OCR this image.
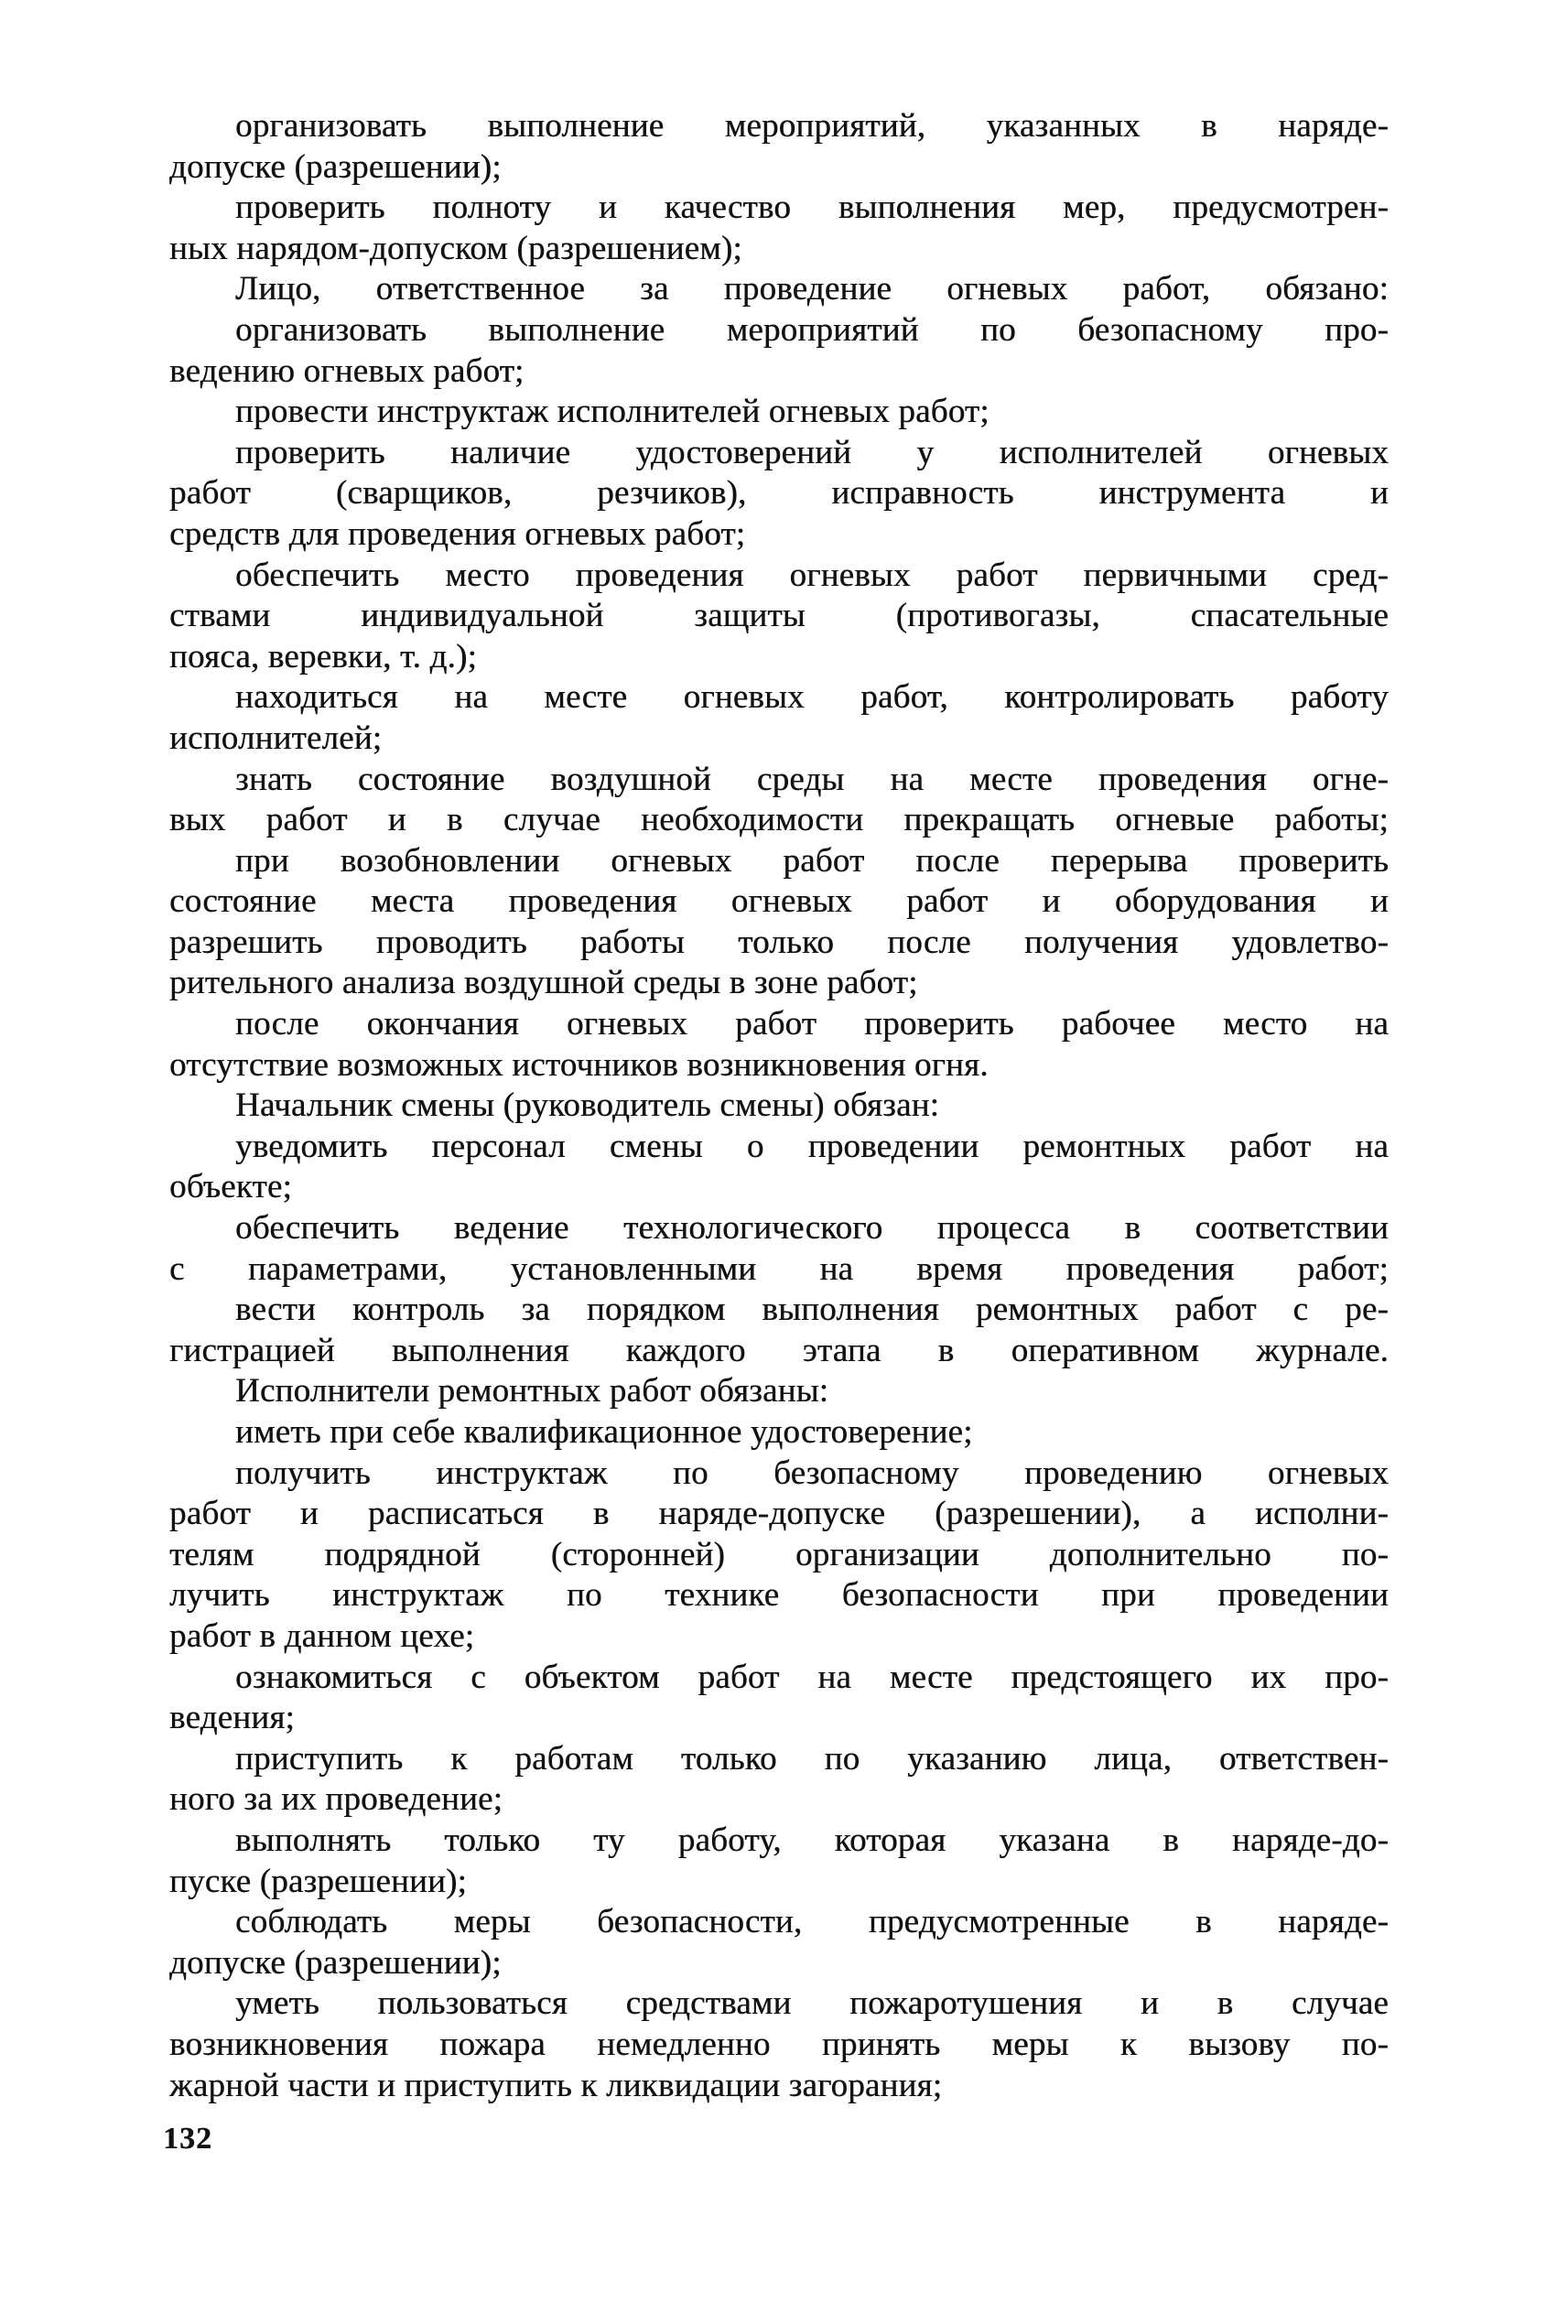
организовать выполнение мероприятий, указанных в наряде-
допуске (разрешении);
проверить полноту и качество выполнения мер, предусмотрен-
ных нарядом-допуском (разрешением);
Лицо, ответственное за проведение огневых работ, обязано:
организовать выполнение мероприятий по безопасному про-
ведению огневых работ;
провести инструктаж исполнителей огневых работ;
проверить наличие удостоверений у исполнителей огневых
работ (сварщиков, резчиков), исправность инструмента и
средств для проведения огневых работ;
обеспечить место проведения огневых работ первичными сред-
ствами индивидуальной защиты (противогазы, спасательные
пояса, веревки, т. д.);
находиться на месте огневых работ, контролировать работу
исполнителей;
знать состояние воздушной среды на месте проведения огне-
вых работ и в случае необходимости прекращать огневые работы;
при возобновлении огневых работ после перерыва проверить
состояние места проведения огневых работ и оборудования и
разрешить проводить работы только после получения удовлетво-
рительного анализа воздушной среды в зоне работ;
после окончания огневых работ проверить рабочее место на
отсутствие возможных источников возникновения огня.
Начальник смены (руководитель смены) обязан:
уведомить персонал смены о проведении ремонтных работ на
объекте;
обеспечить ведение технологического процесса в соответствии
с параметрами, установленными на время проведения работ;
вести контроль за порядком выполнения ремонтных работ с ре-
гистрацией выполнения каждого этапа в оперативном журнале.
Исполнители ремонтных работ обязаны:
иметь при себе квалификационное удостоверение;
получить инструктаж по безопасному проведению огневых
работ и расписаться в наряде-допуске (разрешении), а исполни-
телям подрядной (сторонней) организации дополнительно по-
лучить инструктаж по технике безопасности при проведении
работ в данном цехе;
ознакомиться с объектом работ на месте предстоящего их про-
ведения;
приступить к работам только по указанию лица, ответствен-
ного за их проведение;
выполнять только ту работу, которая указана в наряде-до-
пуске (разрешении);
соблюдать меры безопасности, предусмотренные в наряде-
допуске (разрешении);
уметь пользоваться средствами пожаротушения и в случае
возникновения пожара немедленно принять меры к вызову по-
жарной части и приступить к ликвидации загорания;
132
